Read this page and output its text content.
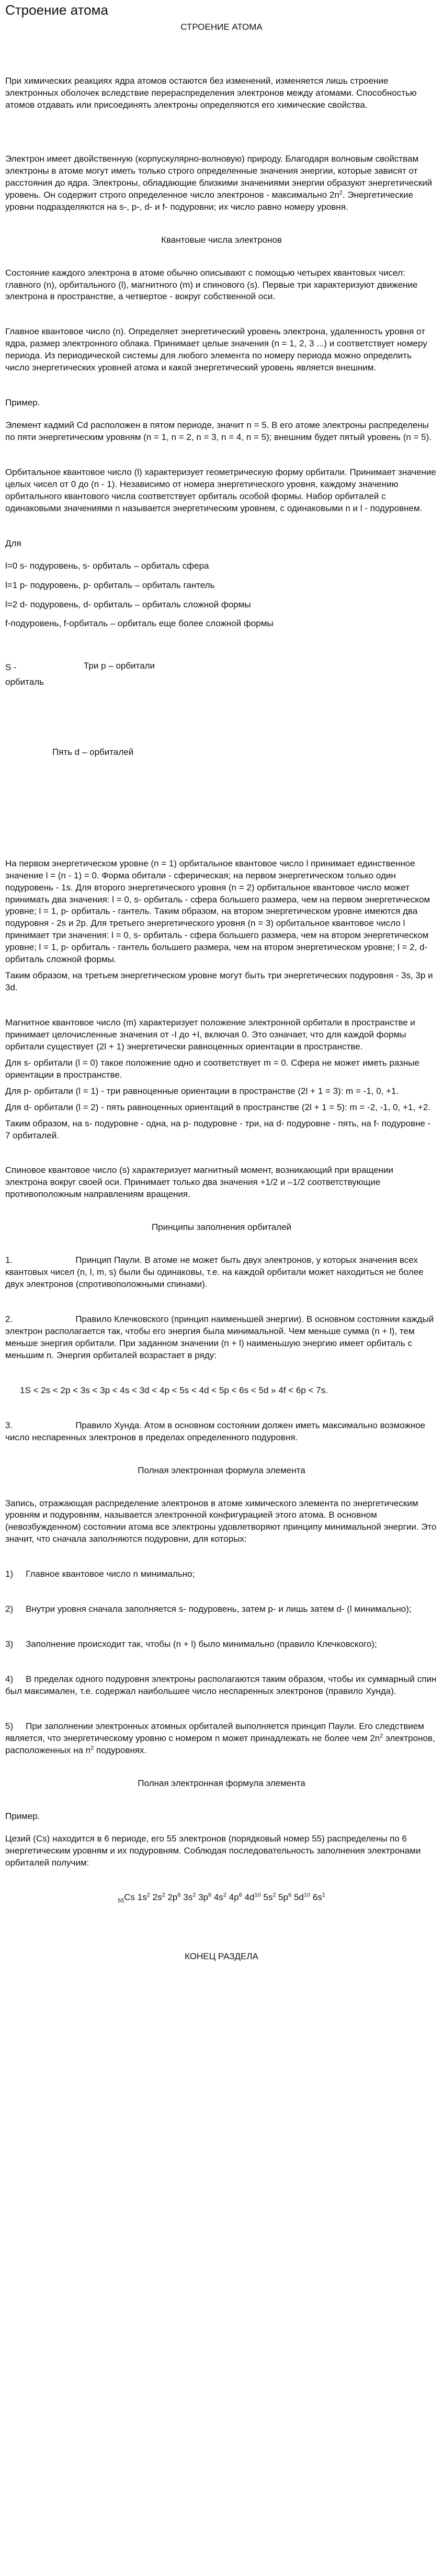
Строение атома

СТРОЕНИЕ АТОМА

При химических реакциях ядра атомов остаются без изменений, изменяется лишь строение электронных оболочек вследствие перераспределения электронов между атомами. Способностью атомов отдавать или присоединять электроны определяются его химические свойства.

Электрон имеет двойственную (корпускулярно-волновую) природу. Благодаря волновым свойствам электроны в атоме могут иметь только строго определенные значения энергии, которые зависят от расстояния до ядра. Электроны, обладающие близкими значениями энергии образуют энергетический уровень. Он содержит строго определенное число электронов - максимально $2n^2$. Энергетические уровни подразделяются на s-, p-, d- и f- подуровни; их число равно номеру уровня.

Квантовые числа электронов

Состояние каждого электрона в атоме обычно описывают с помощью четырех квантовых чисел: главного (n), орбитального (l), магнитного (m) и спинового (s). Первые три характеризуют движение электрона в пространстве, а четвертое - вокруг собственной оси.

Главное квантовое число (n). Определяет энергетический уровень электрона, удаленность уровня от ядра, размер электронного облака. Принимает целые значения (n = 1, 2, 3 ...) и соответствует номеру периода. Из периодической системы для любого элемента по номеру периода можно определить число энергетических уровней атома и какой энергетический уровень является внешним.

Пример.

Элемент кадмий Cd расположен в пятом периоде, значит n = 5. В его атоме электроны распределены по пяти энергетическим уровням (n = 1, n = 2, n = 3, n = 4, n = 5); внешним будет пятый уровень (n = 5).

Орбитальное квантовое число (l) характеризует геометрическую форму орбитали. Принимает значение целых чисел от 0 до (n - 1). Независимо от номера энергетического уровня, каждому значению орбитального квантового числа соответствует орбиталь особой формы. Набор орбиталей с одинаковыми значениями n называется энергетическим уровнем, с одинаковыми n и l - подуровнем.

Для

l=0 s- подуровень, s- орбиталь – орбиталь сфера

l=1 p- подуровень, p- орбиталь – орбиталь гантель

l=2 d- подуровень, d- орбиталь – орбиталь сложной формы

f-подуровень, f-орбиталь – орбиталь еще более сложной формы

S - орбиталь

Три p – орбитали

Пять d – орбиталей

На первом энергетическом уровне (n = 1) орбитальное квантовое число l принимает единственное значение l = (n - 1) = 0. Форма обитали - сферическая; на первом энергетическом только один подуровень - 1s. Для второго энергетического уровня (n = 2) орбитальное квантовое число может принимать два значения: l = 0, s- орбиталь - сфера большего размера, чем на первом энергетическом уровне; l = 1, p- орбиталь - гантель. Таким образом, на втором энергетическом уровне имеются два подуровня - 2s и 2p. Для третьего энергетического уровня (n = 3) орбитальное квантовое число l принимает три значения: l = 0, s- орбиталь - сфера большего размера, чем на втором энергетическом уровне; l = 1, p- орбиталь - гантель большего размера, чем на втором энергетическом уровне; l = 2, d- орбиталь сложной формы.

Таким образом, на третьем энергетическом уровне могут быть три энергетических подуровня - 3s, 3p и 3d.

Магнитное квантовое число (m) характеризует положение электронной орбитали в пространстве и принимает целочисленные значения от -I до +I, включая 0. Это означает, что для каждой формы орбитали существует (2l + 1) энергетически равноценных ориентации в пространстве.

Для s- орбитали (l = 0) такое положение одно и соответствует m = 0. Сфера не может иметь разные ориентации в пространстве.

Для p- орбитали (l = 1) - три равноценные ориентации в пространстве (2l + 1 = 3): m = -1, 0, +1.

Для d- орбитали (l = 2) - пять равноценных ориентаций в пространстве (2l + 1 = 5): m = -2, -1, 0, +1, +2.

Таким образом, на s- подуровне - одна, на p- подуровне - три, на d- подуровне - пять, на f- подуровне - 7 орбиталей.

Спиновое квантовое число (s) характеризует магнитный момент, возникающий при вращении электрона вокруг своей оси. Принимает только два значения +1/2 и –1/2 соответствующие противоположным направлениям вращения.

Принципы заполнения орбиталей

1.	Принцип Паули. В атоме не может быть двух электронов, у которых значения всех квантовых чисел (n, l, m, s) были бы одинаковы, т.е. на каждой орбитали может находиться не более двух электронов (спротивоположными спинами).

2.	Правило Клечковского (принцип наименьшей энергии). В основном состоянии каждый электрон располагается так, чтобы его энергия была минимальной. Чем меньше сумма (n + l), тем меньше энергия орбитали. При заданном значении (n + l) наименьшую энергию имеет орбиталь с меньшим n. Энергия орбиталей возрастает в ряду:

1S < 2s < 2p < 3s < 3p < 4s < 3d < 4p < 5s < 4d < 5p < 6s < 5d » 4f < 6p < 7s.

3.	Правило Хунда. Атом в основном состоянии должен иметь максимально возможное число неспаренных электронов в пределах определенного подуровня.

Полная электронная формула элемента

Запись, отражающая распределение электронов в атоме химического элемента по энергетическим уровням и подуровням, называется электронной конфигурацией этого атома. В основном (невозбужденном) состоянии атома все электроны удовлетворяют принципу минимальной энергии. Это значит, что сначала заполняются подуровни, для которых:

1) Главное квантовое число n минимально;

2) Внутри уровня сначала заполняется s- подуровень, затем p- и лишь затем d- (l минимально);

3) Заполнение происходит так, чтобы (n + l) было минимально (правило Клечковского);

4) В пределах одного подуровня электроны располагаются таким образом, чтобы их суммарный спин был максимален, т.е. содержал наибольшее число неспаренных электронов (правило Хунда).

5) При заполнении электронных атомных орбиталей выполняется принцип Паули. Его следствием является, что энергетическому уровню с номером n может принадлежать не более чем $2n^2$ электронов, расположенных на $n^2$ подуровнях.

Полная электронная формула элемента

Пример.

Цезий (Cs) находится в 6 периоде, его 55 электронов (порядковый номер 55) распределены по 6 энергетическим уровням и их подуровням. Соблюдая последовательность заполнения электронами орбиталей получим:

$_{55}$Cs $1s^2$ $2s^2$ $2p^6$ $3s^2$ $3p^6$ $4s^2$ $4p^6$ $4d^{10}$ $5s^2$ $5p^6$ $5d^{10}$ $6s^1$

КОНЕЦ РАЗДЕЛА
